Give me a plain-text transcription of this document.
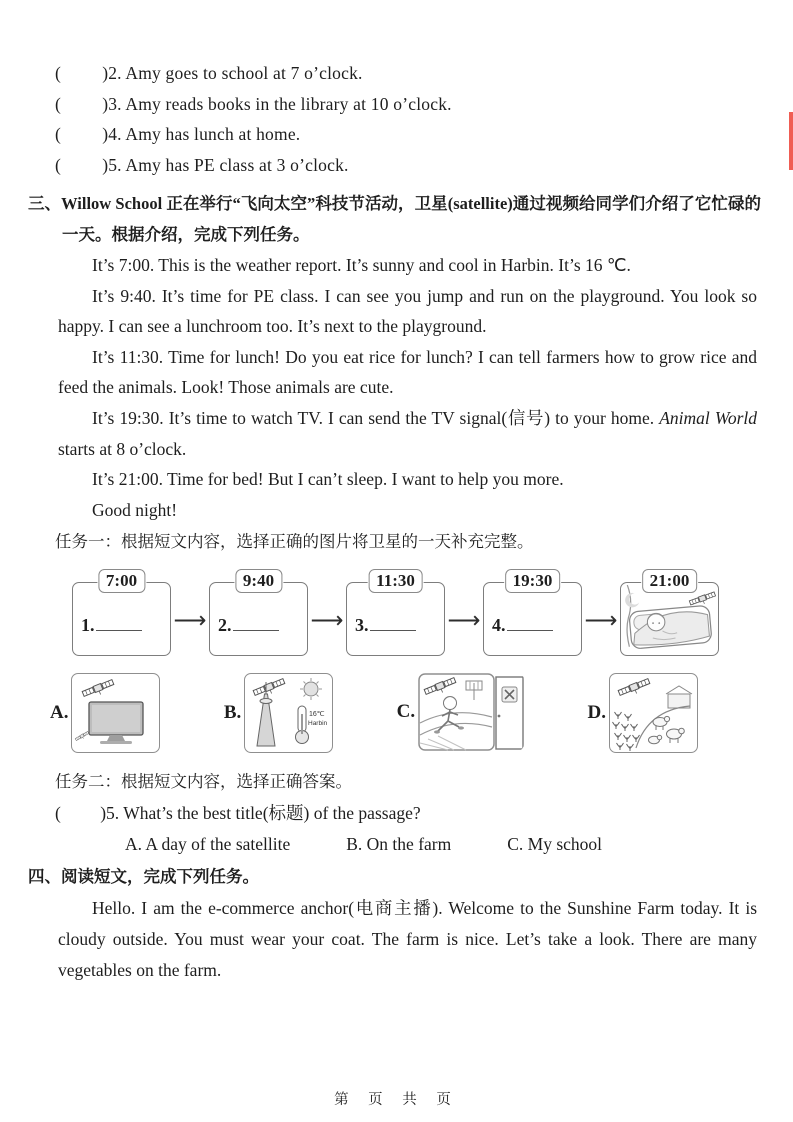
(         )2. Amy goes to school at 7 o’clock.
(         )3. Amy reads books in the library at 10 o’clock.
(         )4. Amy has lunch at home.
(         )5. Amy has PE class at 3 o’clock.
三、Willow School 正在举行“飞向太空”科技节活动，卫星(satellite)通过视频给同学们介绍了它忙碌的一天。根据介绍，完成下列任务。
It’s 7:00. This is the weather report. It’s sunny and cool in Harbin. It’s 16 ℃.
It’s 9:40. It’s time for PE class. I can see you jump and run on the playground. You look so happy. I can see a lunchroom too. It’s next to the playground.
It’s 11:30. Time for lunch! Do you eat rice for lunch? I can tell farmers how to grow rice and feed the animals. Look! Those animals are cute.
It’s 19:30. It’s time to watch TV. I can send the TV signal(信号) to your home. Animal World starts at 8 o’clock.
It’s 21:00. Time for bed! But I can’t sleep. I want to help you more.
Good night!
任务一：根据短文内容，选择正确的图片将卫星的一天补充完整。
7:00
1.	⟶
9:40
2.	⟶
11:30
3.	⟶
19:30
4.	⟶
21:00
A.	B.	16℃
Harbin
C.	D.
任务二：根据短文内容，选择正确答案。
(         )5. What’s the best title(标题) of the passage?
A. A day of the satellite	B. On the farm	C. My school
四、阅读短文，完成下列任务。
Hello. I am the e-commerce anchor(电商主播). Welcome to the Sunshine Farm today. It is cloudy outside. You must wear your coat. The farm is nice. Let’s take a look. There are many vegetables on the farm.
第 页 共 页
